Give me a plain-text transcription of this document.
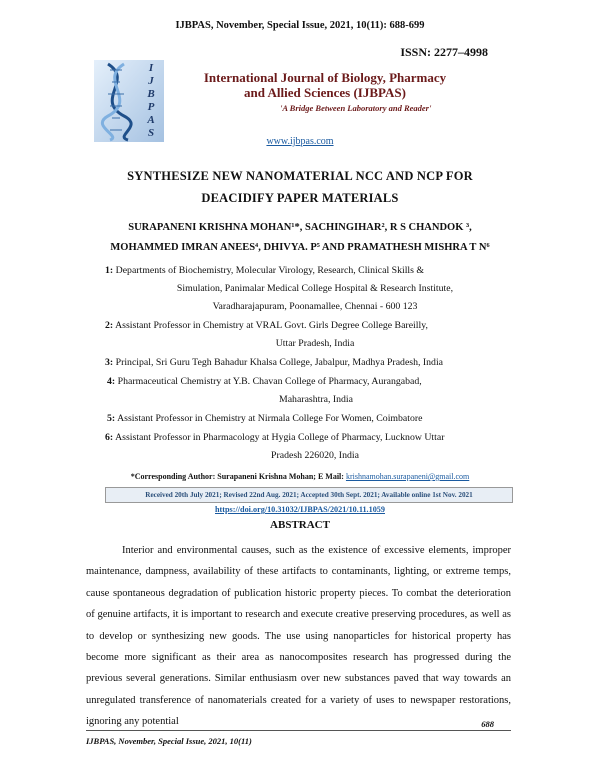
IJBPAS, November, Special Issue, 2021, 10(11): 688-699
ISSN: 2277–4998
I
J
B
P
A
S
International Journal of Biology, Pharmacy
and Allied Sciences (IJBPAS)
'A Bridge Between Laboratory and Reader'
www.ijbpas.com
SYNTHESIZE NEW NANOMATERIAL NCC AND NCP FOR
DEACIDIFY PAPER MATERIALS
SURAPANENI KRISHNA MOHAN¹*, SACHINGIHAR², R S CHANDOK ³,
MOHAMMED IMRAN ANEES⁴, DHIVYA. P⁵ AND PRAMATHESH MISHRA T N⁶
1: Departments of Biochemistry, Molecular Virology, Research, Clinical Skills &
Simulation, Panimalar Medical College Hospital & Research Institute,
Varadharajapuram, Poonamallee, Chennai - 600 123
2: Assistant Professor in Chemistry at VRAL Govt. Girls Degree College Bareilly,
Uttar Pradesh, India
3: Principal, Sri Guru Tegh Bahadur Khalsa College, Jabalpur, Madhya Pradesh, India
4: Pharmaceutical Chemistry at Y.B. Chavan College of Pharmacy, Aurangabad,
Maharashtra, India
5: Assistant Professor in Chemistry at Nirmala College For Women, Coimbatore
6: Assistant Professor in Pharmacology at Hygia College of Pharmacy, Lucknow Uttar
Pradesh 226020, India
*Corresponding Author: Surapaneni Krishna Mohan; E Mail: krishnamohan.surapaneni@gmail.com
Received 20th July 2021; Revised 22nd Aug. 2021; Accepted 30th Sept. 2021; Available online 1st Nov. 2021
https://doi.org/10.31032/IJBPAS/2021/10.11.1059
ABSTRACT

Interior and environmental causes, such as the existence of excessive elements, improper maintenance, dampness, availability of these artifacts to contaminants, lighting, or extreme temps, cause spontaneous degradation of publication historic property pieces. To combat the deterioration of genuine artifacts, it is important to research and execute creative preserving procedures, as well as to develop or synthesizing new goods. The use using nanoparticles for historical property has become more significant as their area as nanocomposites research has progressed during the previous several generations. Similar enthusiasm over new substances paved that way towards an unregulated transference of nanomaterials created for a variety of uses to newspaper restorations, ignoring any potential	688
IJBPAS, November, Special Issue, 2021, 10(11)
